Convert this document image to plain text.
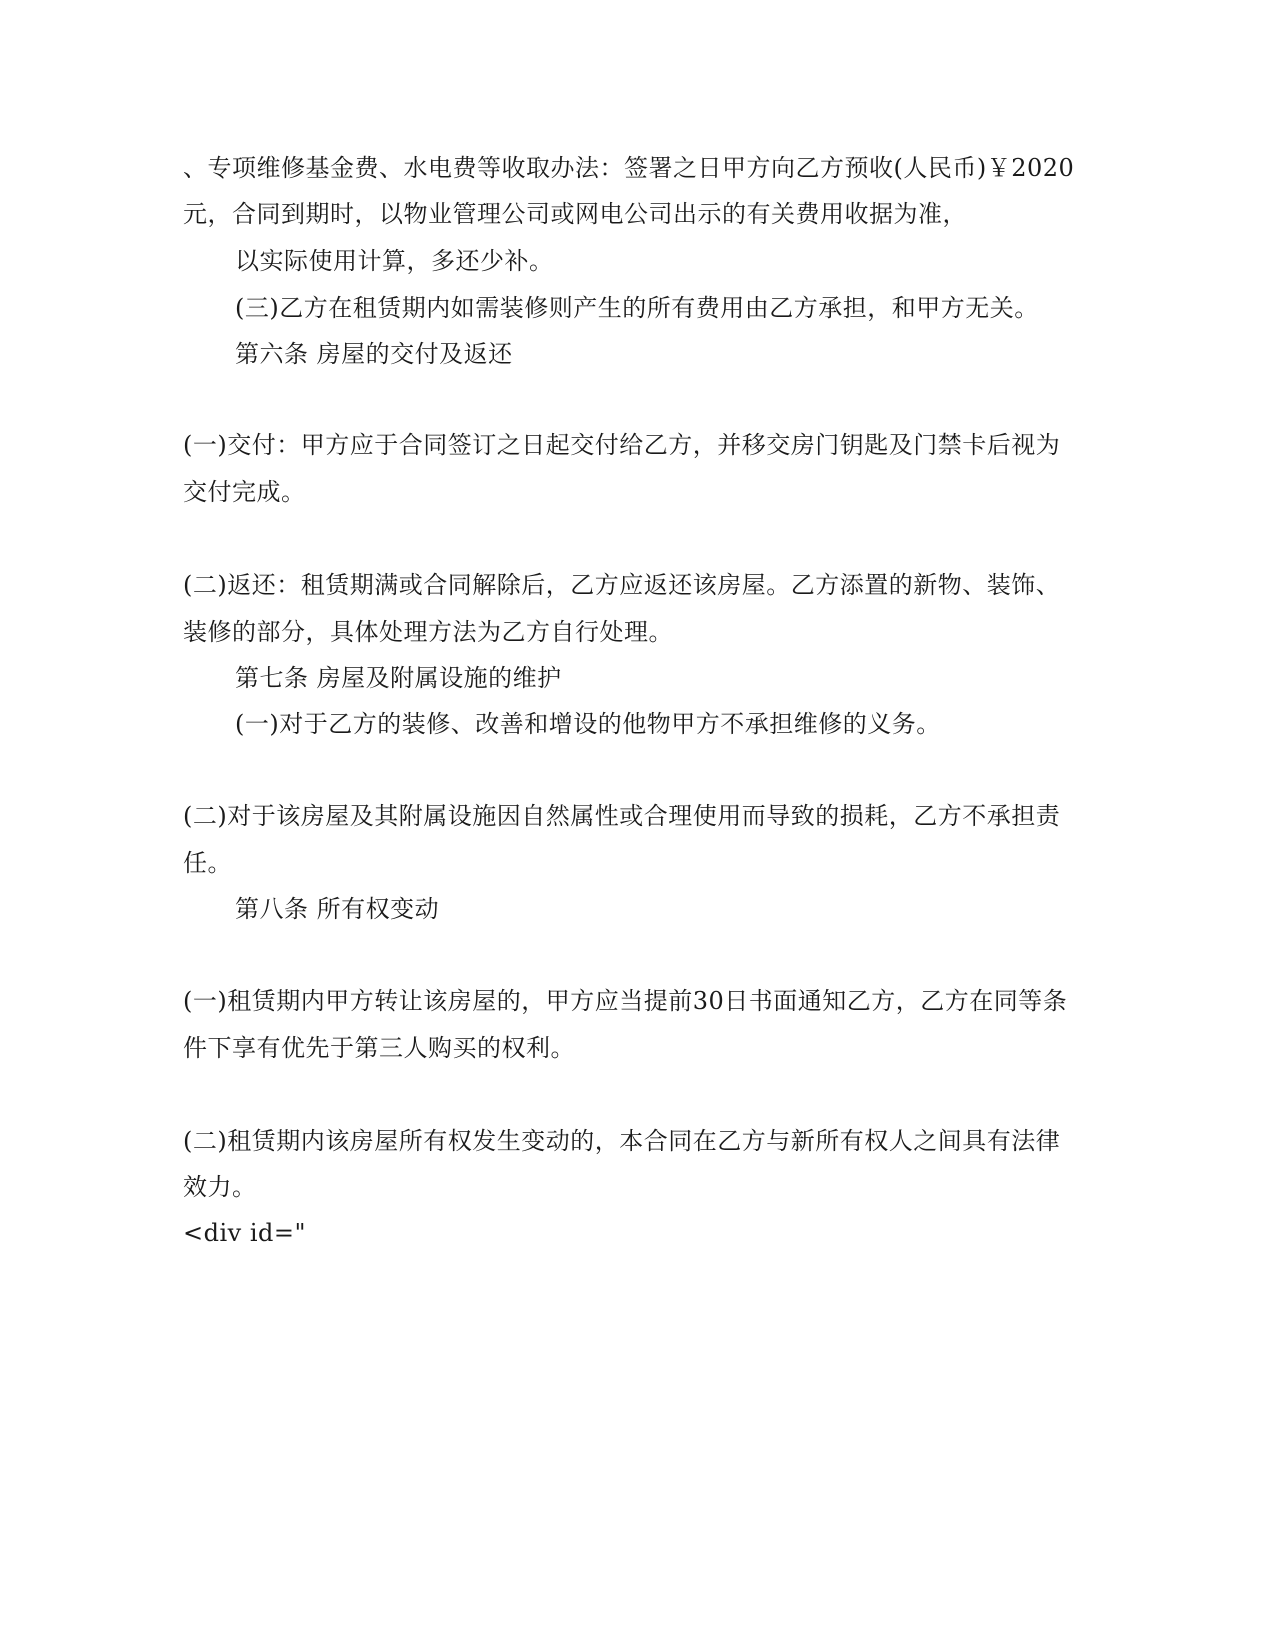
、专项维修基金费、水电费等收取办法：签署之日甲方向乙方预收(人民币)￥2020
元，合同到期时，以物业管理公司或网电公司出示的有关费用收据为准，
以实际使用计算，多还少补。
(三)乙方在租赁期内如需装修则产生的所有费用由乙方承担，和甲方无关。
第六条 房屋的交付及返还
(一)交付：甲方应于合同签订之日起交付给乙方，并移交房门钥匙及门禁卡后视为
交付完成。
(二)返还：租赁期满或合同解除后，乙方应返还该房屋。乙方添置的新物、装饰、
装修的部分，具体处理方法为乙方自行处理。
第七条 房屋及附属设施的维护
(一)对于乙方的装修、改善和增设的他物甲方不承担维修的义务。
(二)对于该房屋及其附属设施因自然属性或合理使用而导致的损耗，乙方不承担责
任。
第八条 所有权变动
(一)租赁期内甲方转让该房屋的，甲方应当提前30日书面通知乙方，乙方在同等条
件下享有优先于第三人购买的权利。
(二)租赁期内该房屋所有权发生变动的，本合同在乙方与新所有权人之间具有法律
效力。
<div id="
